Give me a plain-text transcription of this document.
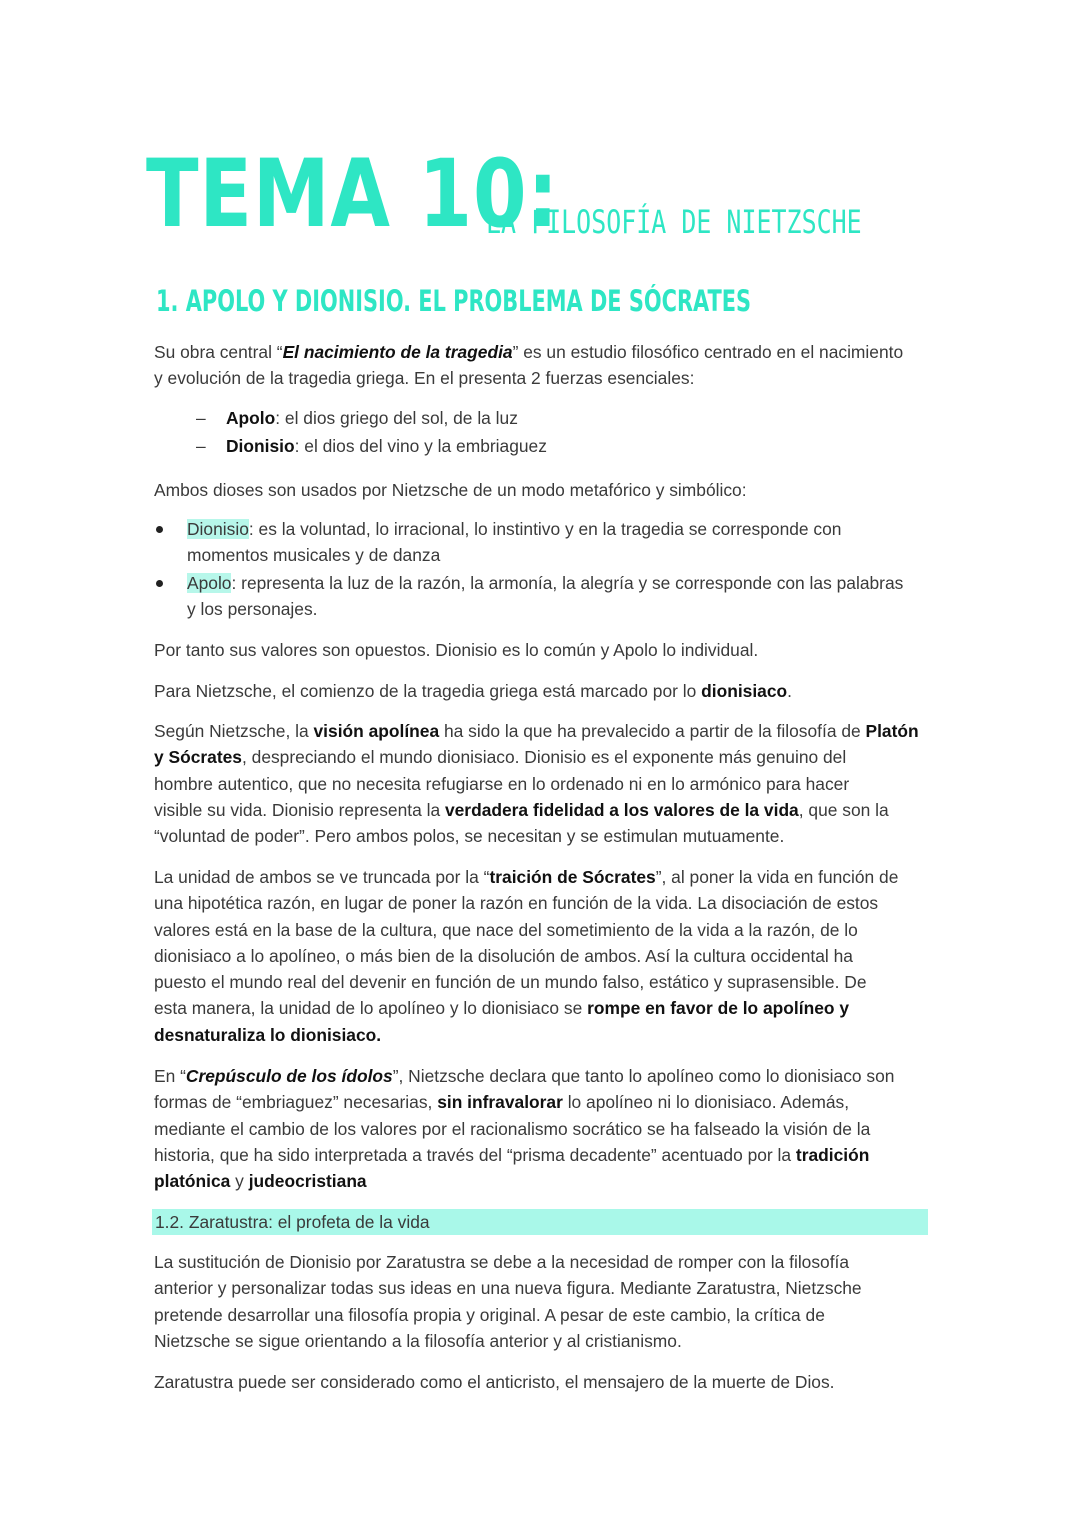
TEMA 10:
LA FILOSOFÍA DE NIETZSCHE
1. APOLO Y DIONISIO. EL PROBLEMA DE SÓCRATES

Su obra central “El nacimiento de la tragedia” es un estudio filosófico centrado en el nacimiento
y evolución de la tragedia griega. En el presenta 2 fuerzas esenciales:

– Apolo: el dios griego del sol, de la luz
– Dionisio: el dios del vino y la embriaguez

Ambos dioses son usados por Nietzsche de un modo metafórico y simbólico:

Dionisio: es la voluntad, lo irracional, lo instintivo y en la tragedia se corresponde con
momentos musicales y de danza
Apolo: representa la luz de la razón, la armonía, la alegría y se corresponde con las palabras
y los personajes.

Por tanto sus valores son opuestos. Dionisio es lo común y Apolo lo individual.

Para Nietzsche, el comienzo de la tragedia griega está marcado por lo dionisiaco.

Según Nietzsche, la visión apolínea ha sido la que ha prevalecido a partir de la filosofía de Platón
y Sócrates, despreciando el mundo dionisiaco. Dionisio es el exponente más genuino del
hombre autentico, que no necesita refugiarse en lo ordenado ni en lo armónico para hacer
visible su vida. Dionisio representa la verdadera fidelidad a los valores de la vida, que son la
“voluntad de poder”. Pero ambos polos, se necesitan y se estimulan mutuamente.

La unidad de ambos se ve truncada por la “traición de Sócrates”, al poner la vida en función de
una hipotética razón, en lugar de poner la razón en función de la vida. La disociación de estos
valores está en la base de la cultura, que nace del sometimiento de la vida a la razón, de lo
dionisiaco a lo apolíneo, o más bien de la disolución de ambos. Así la cultura occidental ha
puesto el mundo real del devenir en función de un mundo falso, estático y suprasensible. De
esta manera, la unidad de lo apolíneo y lo dionisiaco se rompe en favor de lo apolíneo y
desnaturaliza lo dionisiaco.

En “Crepúsculo de los ídolos”, Nietzsche declara que tanto lo apolíneo como lo dionisiaco son
formas de “embriaguez” necesarias, sin infravalorar lo apolíneo ni lo dionisiaco. Además,
mediante el cambio de los valores por el racionalismo socrático se ha falseado la visión de la
historia, que ha sido interpretada a través del “prisma decadente” acentuado por la tradición
platónica y judeocristiana

1.2. Zaratustra: el profeta de la vida

La sustitución de Dionisio por Zaratustra se debe a la necesidad de romper con la filosofía
anterior y personalizar todas sus ideas en una nueva figura. Mediante Zaratustra, Nietzsche
pretende desarrollar una filosofía propia y original. A pesar de este cambio, la crítica de
Nietzsche se sigue orientando a la filosofía anterior y al cristianismo.

Zaratustra puede ser considerado como el anticristo, el mensajero de la muerte de Dios.
